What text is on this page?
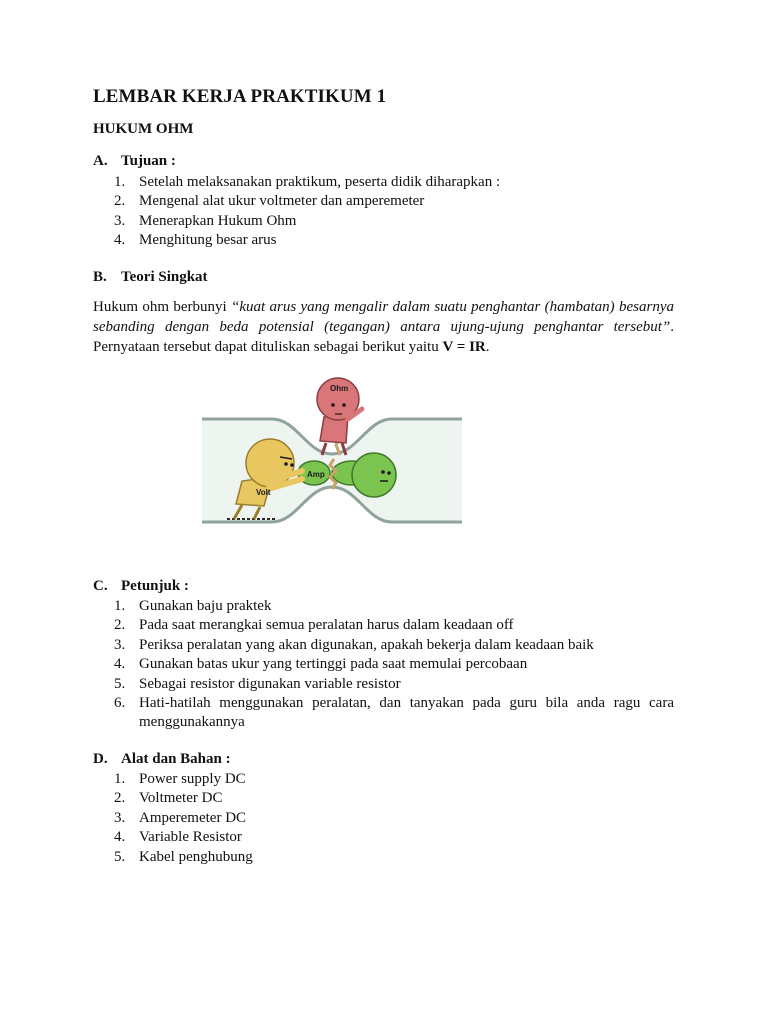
LEMBAR KERJA PRAKTIKUM 1
HUKUM OHM
A. Tujuan :
1. Setelah melaksanakan praktikum, peserta didik diharapkan :
2. Mengenal alat ukur voltmeter dan amperemeter
3. Menerapkan Hukum Ohm
4. Menghitung besar arus
B. Teori Singkat
Hukum ohm berbunyi “kuat arus yang mengalir dalam suatu penghantar (hambatan) besarnya sebanding dengan beda potensial (tegangan) antara ujung-ujung penghantar tersebut”. Pernyataan tersebut dapat dituliskan sebagai berikut yaitu V = IR.
Amp
Volt
Ohm
C. Petunjuk :
1. Gunakan baju praktek
2. Pada saat merangkai semua peralatan harus dalam keadaan off
3. Periksa peralatan yang akan digunakan, apakah bekerja dalam keadaan baik
4. Gunakan batas ukur yang tertinggi pada saat memulai percobaan
5. Sebagai resistor digunakan variable resistor
6. Hati-hatilah menggunakan peralatan, dan tanyakan pada guru bila anda ragu cara menggunakannya
D. Alat dan Bahan :
1. Power supply DC
2. Voltmeter DC
3. Amperemeter DC
4. Variable Resistor
5. Kabel penghubung
